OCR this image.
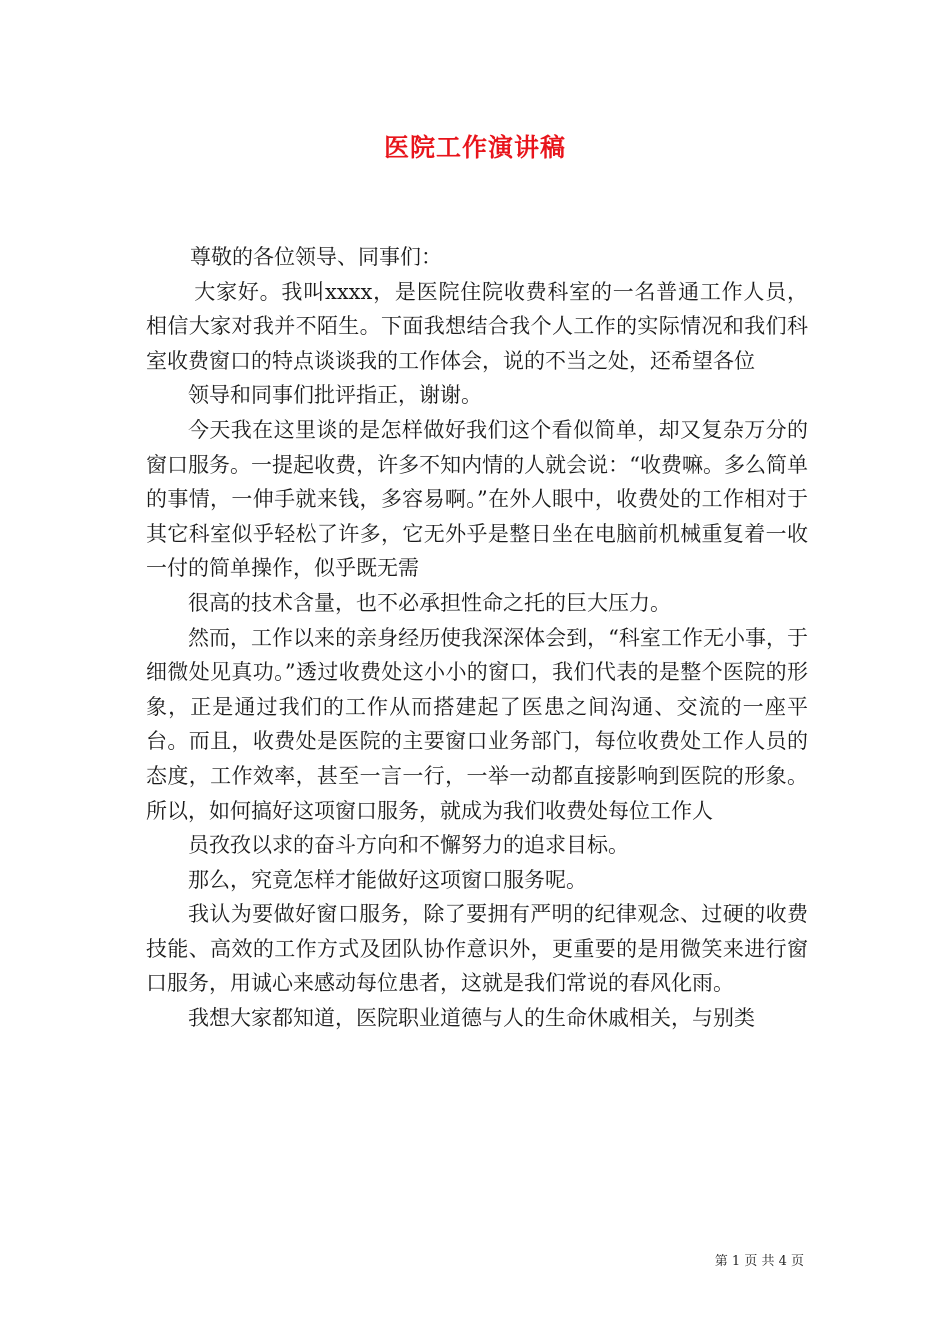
医院工作演讲稿

尊敬的各位领导、同事们：

大家好。我叫xxxx，是医院住院收费科室的一名普通工作人员，相信大家对我并不陌生。下面我想结合我个人工作的实际情况和我们科室收费窗口的特点谈谈我的工作体会，说的不当之处，还希望各位

领导和同事们批评指正，谢谢。

今天我在这里谈的是怎样做好我们这个看似简单，却又复杂万分的窗口服务。一提起收费，许多不知内情的人就会说：“收费嘛。多么简单的事情，一伸手就来钱，多容易啊。”在外人眼中，收费处的工作相对于其它科室似乎轻松了许多，它无外乎是整日坐在电脑前机械重复着一收一付的简单操作，似乎既无需

很高的技术含量，也不必承担性命之托的巨大压力。

然而，工作以来的亲身经历使我深深体会到，“科室工作无小事，于细微处见真功。”透过收费处这小小的窗口，我们代表的是整个医院的形象，正是通过我们的工作从而搭建起了医患之间沟通、交流的一座平台。而且，收费处是医院的主要窗口业务部门，每位收费处工作人员的态度，工作效率，甚至一言一行，一举一动都直接影响到医院的形象。所以，如何搞好这项窗口服务，就成为我们收费处每位工作人

员孜孜以求的奋斗方向和不懈努力的追求目标。

那么，究竟怎样才能做好这项窗口服务呢。

我认为要做好窗口服务，除了要拥有严明的纪律观念、过硬的收费技能、高效的工作方式及团队协作意识外，更重要的是用微笑来进行窗口服务，用诚心来感动每位患者，这就是我们常说的春风化雨。

我想大家都知道，医院职业道德与人的生命休戚相关，与别类

第 1 页 共 4 页
